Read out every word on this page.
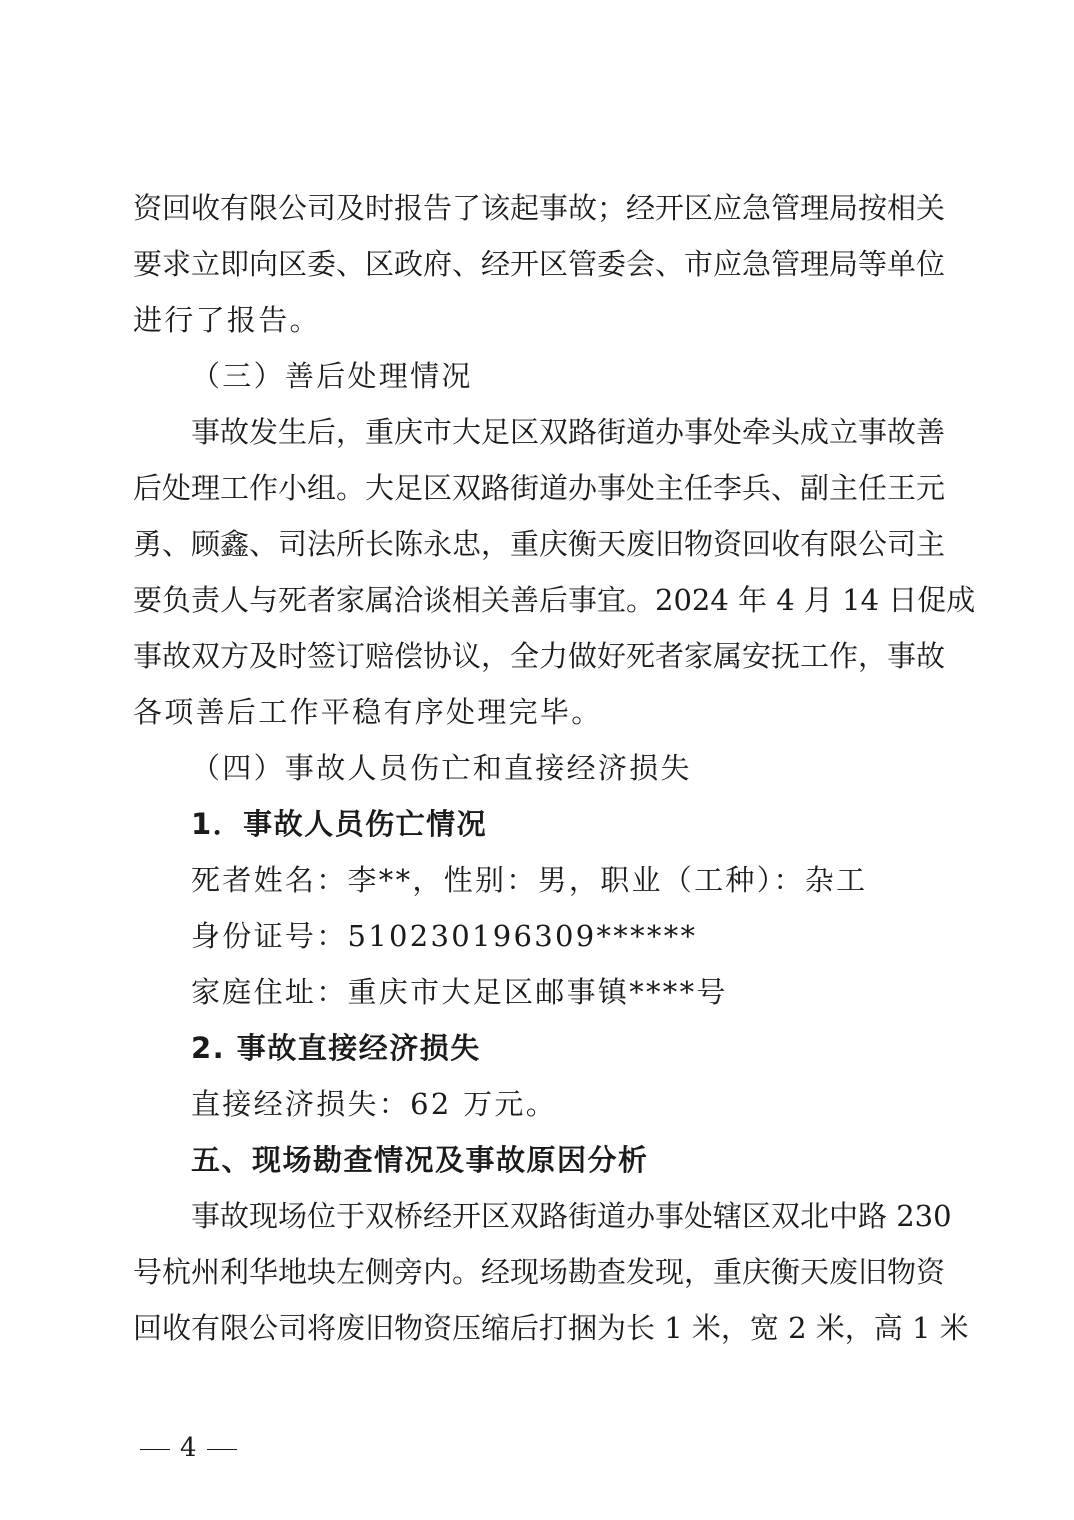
资回收有限公司及时报告了该起事故；经开区应急管理局按相关
要求立即向区委、区政府、经开区管委会、市应急管理局等单位
进行了报告。
（三）善后处理情况
事故发生后，重庆市大足区双路街道办事处牵头成立事故善
后处理工作小组。大足区双路街道办事处主任李兵、副主任王元
勇、顾鑫、司法所长陈永忠，重庆衡天废旧物资回收有限公司主
要负责人与死者家属洽谈相关善后事宜。2024 年 4 月 14 日促成
事故双方及时签订赔偿协议，全力做好死者家属安抚工作，事故
各项善后工作平稳有序处理完毕。
（四）事故人员伤亡和直接经济损失
1．事故人员伤亡情况
死者姓名：李**，性别：男，职业（工种）：杂工
身份证号：510230196309******
家庭住址：重庆市大足区邮事镇****号
2. 事故直接经济损失
直接经济损失：62 万元。
五、现场勘查情况及事故原因分析
事故现场位于双桥经开区双路街道办事处辖区双北中路 230
号杭州利华地块左侧旁内。经现场勘查发现，重庆衡天废旧物资
回收有限公司将废旧物资压缩后打捆为长 1 米，宽 2 米，高 1 米
4
